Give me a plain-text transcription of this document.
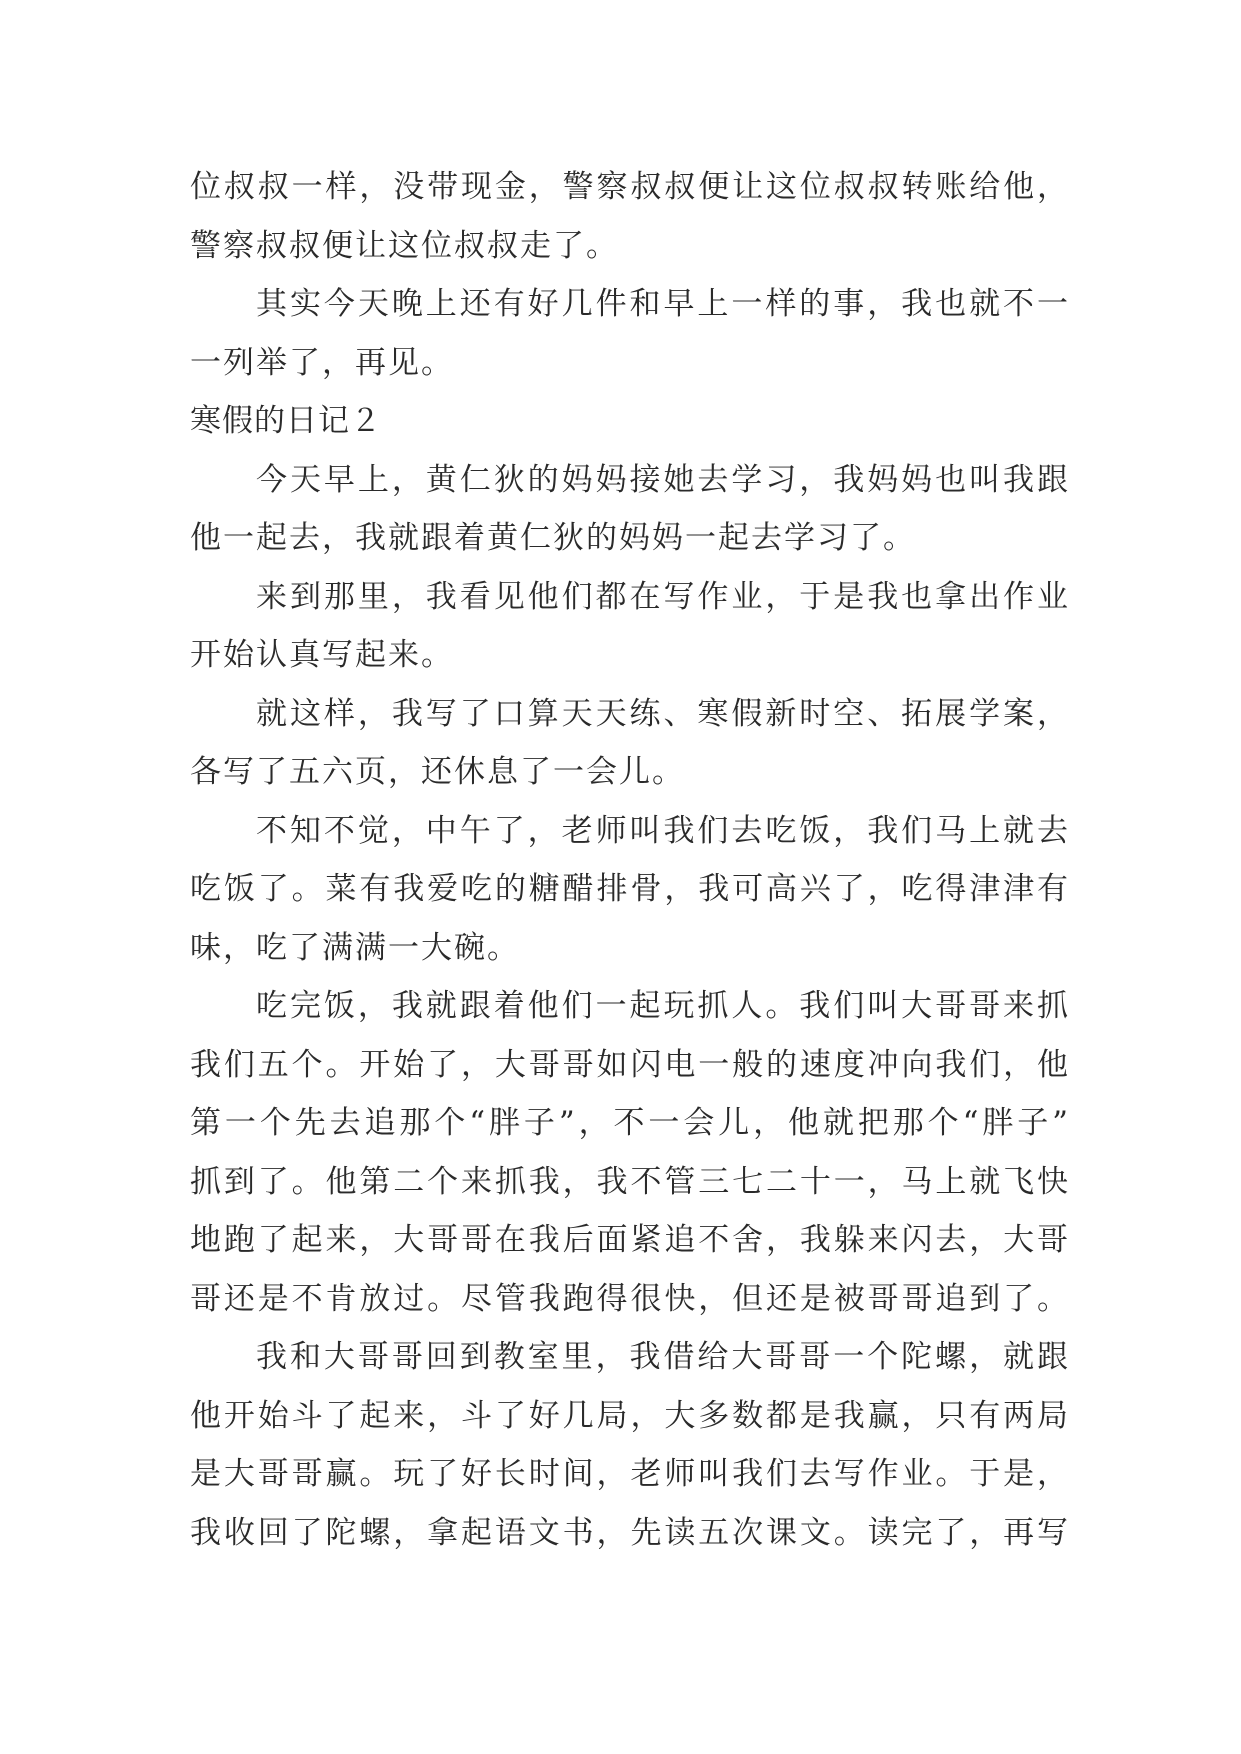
位叔叔一样，没带现金，警察叔叔便让这位叔叔转账给他，
警察叔叔便让这位叔叔走了。
其实今天晚上还有好几件和早上一样的事，我也就不一
一列举了，再见。
寒假的日记２
今天早上，黄仁狄的妈妈接她去学习，我妈妈也叫我跟
他一起去，我就跟着黄仁狄的妈妈一起去学习了。
来到那里，我看见他们都在写作业，于是我也拿出作业
开始认真写起来。
就这样，我写了口算天天练、寒假新时空、拓展学案，
各写了五六页，还休息了一会儿。
不知不觉，中午了，老师叫我们去吃饭，我们马上就去
吃饭了。菜有我爱吃的糖醋排骨，我可高兴了，吃得津津有
味，吃了满满一大碗。
吃完饭，我就跟着他们一起玩抓人。我们叫大哥哥来抓
我们五个。开始了，大哥哥如闪电一般的速度冲向我们，他
第一个先去追那个“胖子”，不一会儿，他就把那个“胖子”
抓到了。他第二个来抓我，我不管三七二十一，马上就飞快
地跑了起来，大哥哥在我后面紧追不舍，我躲来闪去，大哥
哥还是不肯放过。尽管我跑得很快，但还是被哥哥追到了。
我和大哥哥回到教室里，我借给大哥哥一个陀螺，就跟
他开始斗了起来，斗了好几局，大多数都是我赢，只有两局
是大哥哥赢。玩了好长时间，老师叫我们去写作业。于是，
我收回了陀螺，拿起语文书，先读五次课文。读完了，再写
